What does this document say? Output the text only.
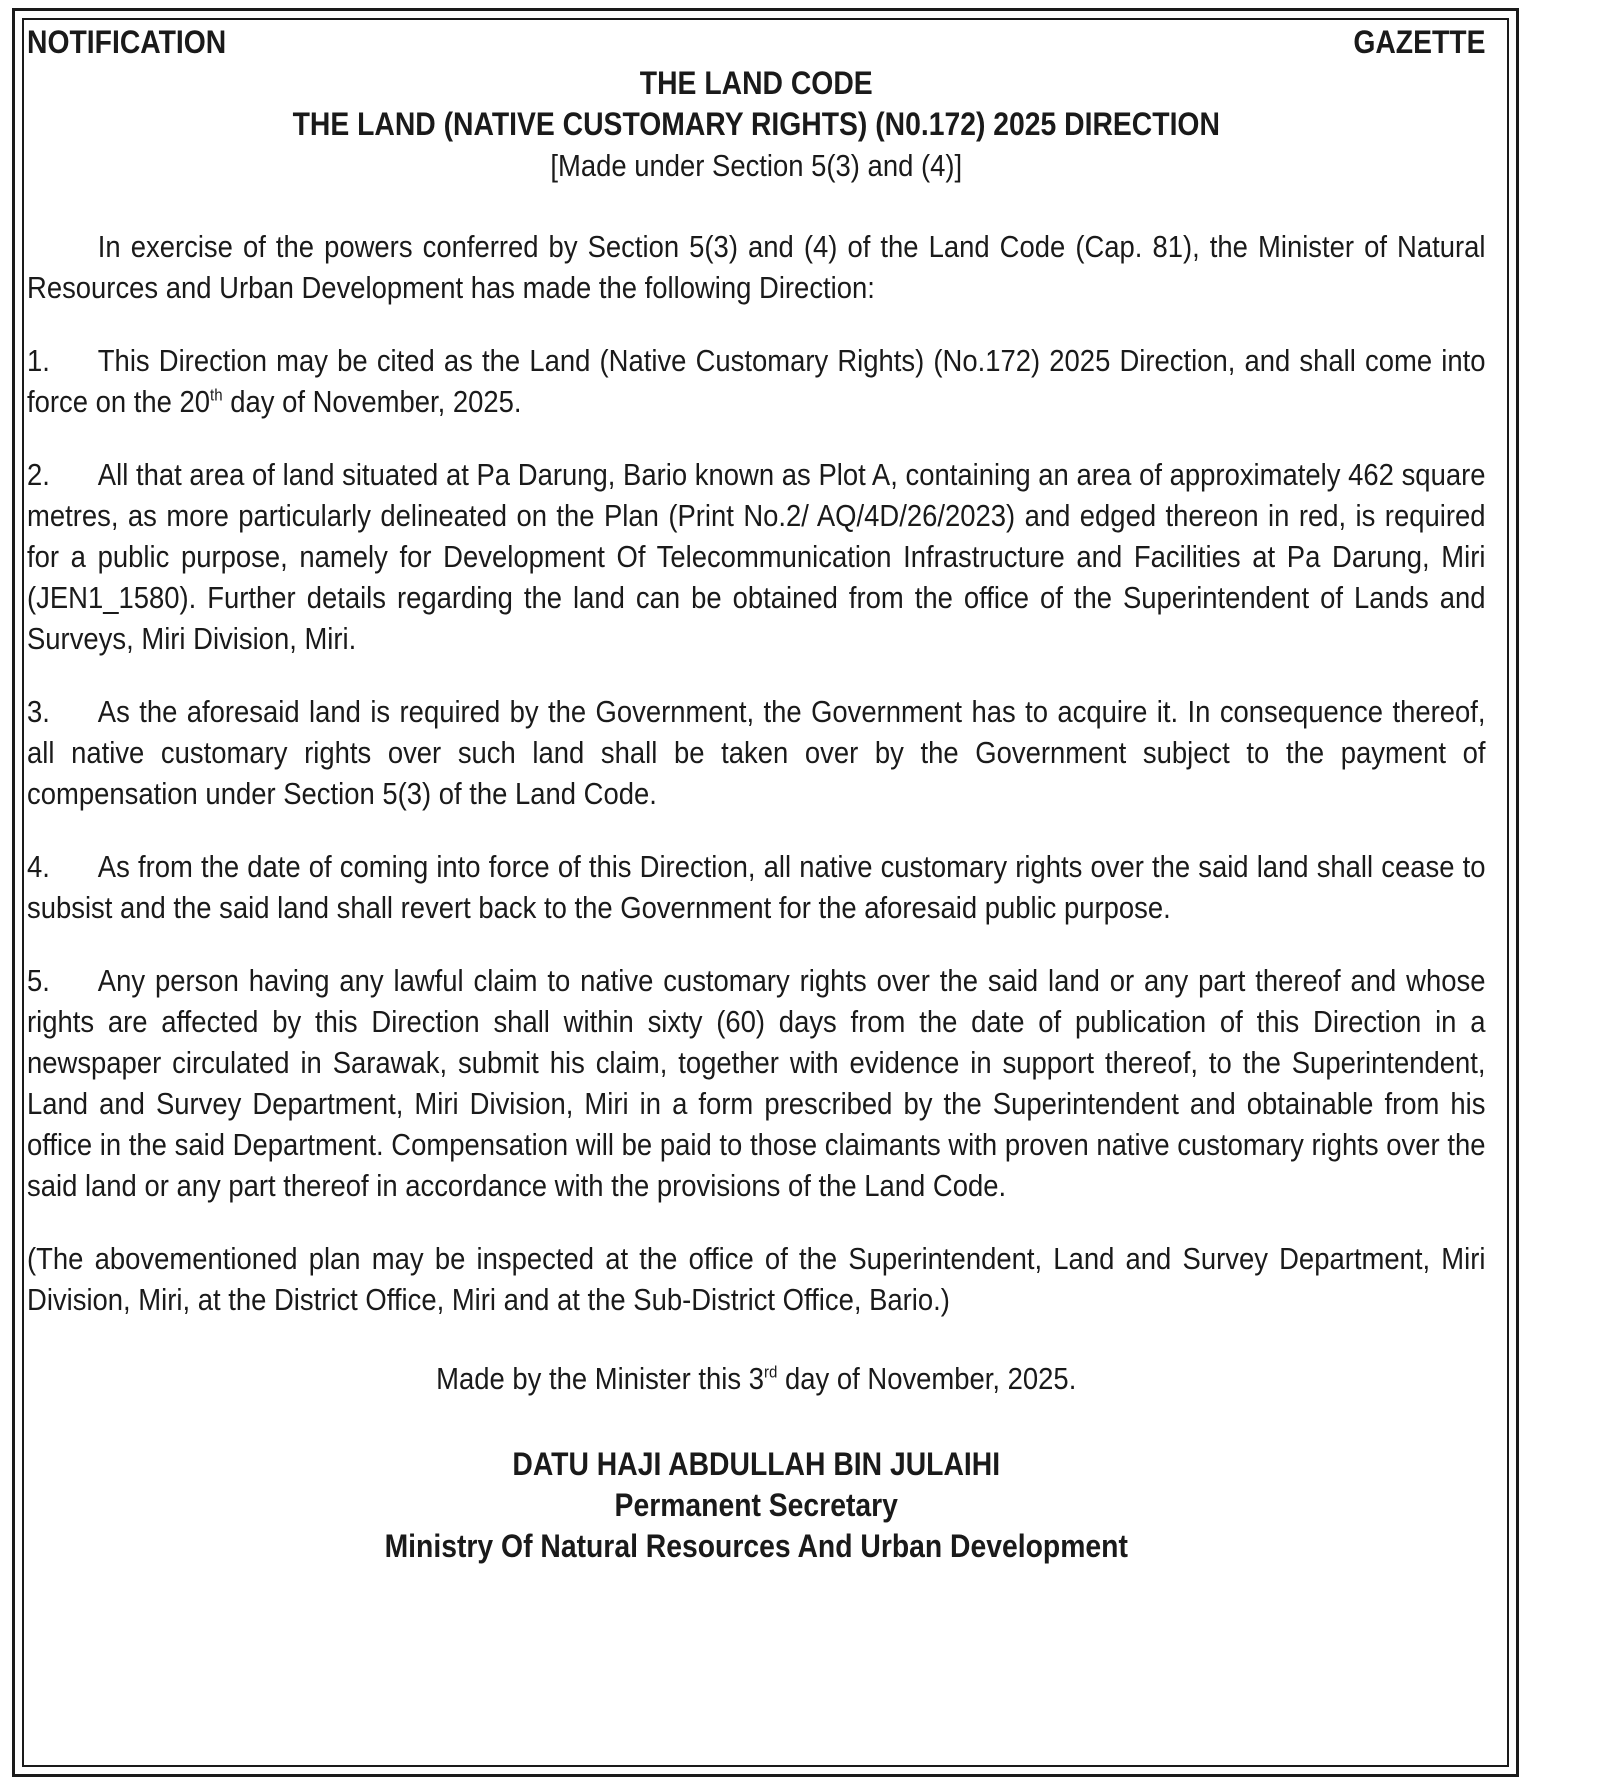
NOTIFICATION	GAZETTE
THE LAND CODE
THE LAND (NATIVE CUSTOMARY RIGHTS) (N0.172) 2025 DIRECTION
[Made under Section 5(3) and (4)]

In exercise of the powers conferred by Section 5(3) and (4) of the Land Code (Cap. 81), the Minister of Natural Resources and Urban Development has made the following Direction:

1. This Direction may be cited as the Land (Native Customary Rights) (No.172) 2025 Direction, and shall come into force on the 20th day of November, 2025.

2. All that area of land situated at Pa Darung, Bario known as Plot A, containing an area of approximately 462 square metres, as more particularly delineated on the Plan (Print No.2/ AQ/4D/26/2023) and edged thereon in red, is required for a public purpose, namely for Development Of Telecommunication Infrastructure and Facilities at Pa Darung, Miri (JEN1_1580). Further details regarding the land can be obtained from the office of the Superintendent of Lands and Surveys, Miri Division, Miri.

3. As the aforesaid land is required by the Government, the Government has to acquire it. In consequence thereof, all native customary rights over such land shall be taken over by the Government subject to the payment of compensation under Section 5(3) of the Land Code.

4. As from the date of coming into force of this Direction, all native customary rights over the said land shall cease to subsist and the said land shall revert back to the Government for the aforesaid public purpose.

5. Any person having any lawful claim to native customary rights over the said land or any part thereof and whose rights are affected by this Direction shall within sixty (60) days from the date of publication of this Direction in a newspaper circulated in Sarawak, submit his claim, together with evidence in support thereof, to the Superintendent, Land and Survey Department, Miri Division, Miri in a form prescribed by the Superintendent and obtainable from his office in the said Department. Compensation will be paid to those claimants with proven native customary rights over the said land or any part thereof in accordance with the provisions of the Land Code.

(The abovementioned plan may be inspected at the office of the Superintendent, Land and Survey Department, Miri Division, Miri, at the District Office, Miri and at the Sub-District Office, Bario.)

Made by the Minister this 3rd day of November, 2025.
DATU HAJI ABDULLAH BIN JULAIHI
Permanent Secretary
Ministry Of Natural Resources And Urban Development
